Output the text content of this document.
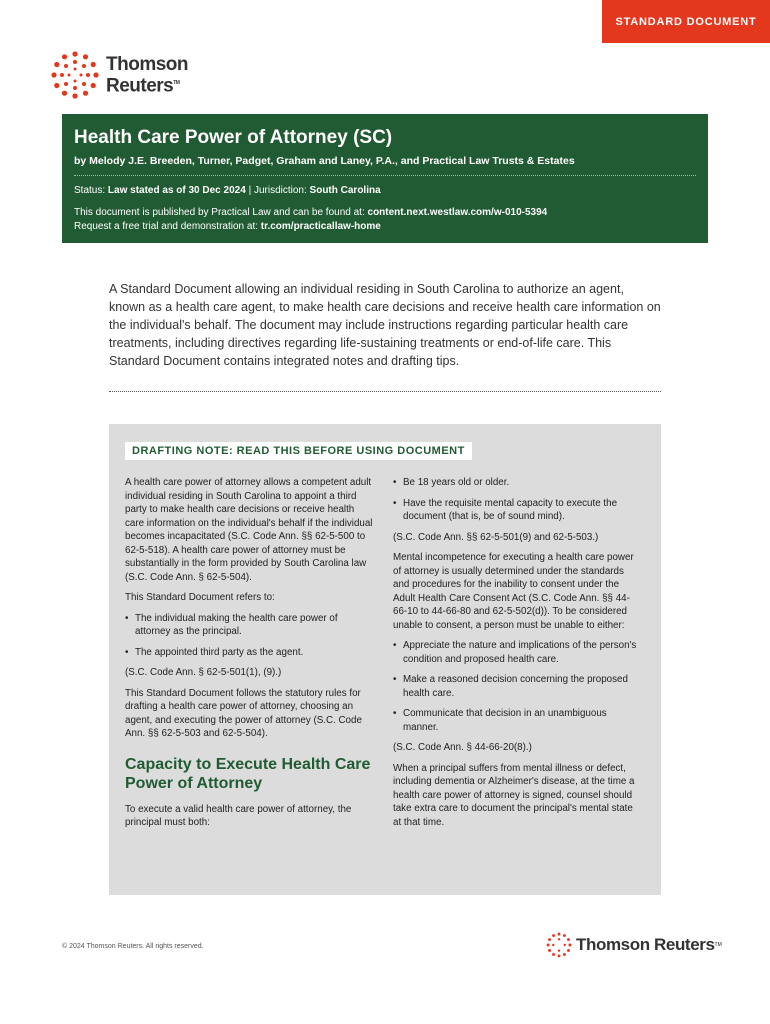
STANDARD DOCUMENT
Thomson
Reuters™
Health Care Power of Attorney (SC)
by Melody J.E. Breeden, Turner, Padget, Graham and Laney, P.A., and Practical Law Trusts & Estates
Status: Law stated as of 30 Dec 2024 | Jurisdiction: South Carolina
This document is published by Practical Law and can be found at: content.next.westlaw.com/w-010-5394
Request a free trial and demonstration at: tr.com/practicallaw-home
A Standard Document allowing an individual residing in South Carolina to authorize an agent, known as a health care agent, to make health care decisions and receive health care information on the individual's behalf. The document may include instructions regarding particular health care treatments, including directives regarding life-sustaining treatments or end-of-life care. This Standard Document contains integrated notes and drafting tips.
DRAFTING NOTE: READ THIS BEFORE USING DOCUMENT

A health care power of attorney allows a competent adult individual residing in South Carolina to appoint a third party to make health care decisions or receive health care information on the individual's behalf if the individual becomes incapacitated (S.C. Code Ann. §§ 62-5-500 to 62-5-518). A health care power of attorney must be substantially in the form provided by South Carolina law (S.C. Code Ann. § 62-5-504).

This Standard Document refers to:

• The individual making the health care power of attorney as the principal.
• The appointed third party as the agent.

(S.C. Code Ann. § 62-5-501(1), (9).)

This Standard Document follows the statutory rules for drafting a health care power of attorney, choosing an agent, and executing the power of attorney (S.C. Code Ann. §§ 62-5-503 and 62-5-504).

Capacity to Execute Health Care Power of Attorney

To execute a valid health care power of attorney, the principal must both:

• Be 18 years old or older.
• Have the requisite mental capacity to execute the document (that is, be of sound mind).

(S.C. Code Ann. §§ 62-5-501(9) and 62-5-503.)

Mental incompetence for executing a health care power of attorney is usually determined under the standards and procedures for the inability to consent under the Adult Health Care Consent Act (S.C. Code Ann. §§ 44-66-10 to 44-66-80 and 62-5-502(d)). To be considered unable to consent, a person must be unable to either:

• Appreciate the nature and implications of the person's condition and proposed health care.
• Make a reasoned decision concerning the proposed health care.
• Communicate that decision in an unambiguous manner.

(S.C. Code Ann. § 44-66-20(8).)

When a principal suffers from mental illness or defect, including dementia or Alzheimer's disease, at the time a health care power of attorney is signed, counsel should take extra care to document the principal's mental state at that time.

© 2024 Thomson Reuters. All rights reserved.	Thomson Reuters TM
